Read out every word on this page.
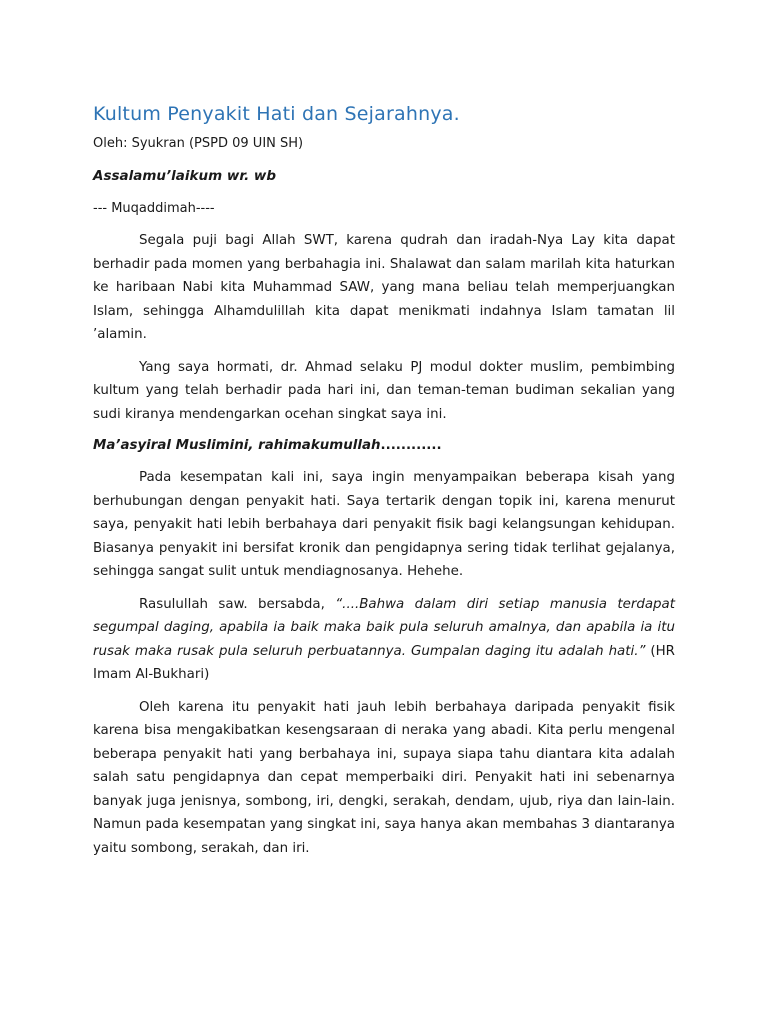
Kultum Penyakit Hati dan Sejarahnya.
Oleh: Syukran (PSPD 09 UIN SH)
Assalamu’laikum wr. wb
--- Muqaddimah----

Segala puji bagi Allah SWT, karena qudrah dan iradah-Nya Lay kita dapat berhadir pada momen yang berbahagia ini. Shalawat dan salam marilah kita haturkan ke haribaan Nabi kita Muhammad SAW, yang mana beliau telah memperjuangkan Islam, sehingga Alhamdulillah kita dapat menikmati indahnya Islam tamatan lil ’alamin.

Yang saya hormati, dr. Ahmad selaku PJ modul dokter muslim, pembimbing kultum yang telah berhadir pada hari ini, dan teman-teman budiman sekalian yang sudi kiranya mendengarkan ocehan singkat saya ini.

Ma’asyiral Muslimini, rahimakumullah............

Pada kesempatan kali ini, saya ingin menyampaikan beberapa kisah yang berhubungan dengan penyakit hati. Saya tertarik dengan topik ini, karena menurut saya, penyakit hati lebih berbahaya dari penyakit fisik bagi kelangsungan kehidupan. Biasanya penyakit ini bersifat kronik dan pengidapnya sering tidak terlihat gejalanya, sehingga sangat sulit untuk mendiagnosanya. Hehehe.

Rasulullah saw. bersabda, “....Bahwa dalam diri setiap manusia terdapat segumpal daging, apabila ia baik maka baik pula seluruh amalnya, dan apabila ia itu rusak maka rusak pula seluruh perbuatannya. Gumpalan daging itu adalah hati.” (HR Imam Al-Bukhari)

Oleh karena itu penyakit hati jauh lebih berbahaya daripada penyakit fisik karena bisa mengakibatkan kesengsaraan di neraka yang abadi. Kita perlu mengenal beberapa penyakit hati yang berbahaya ini, supaya siapa tahu diantara kita adalah salah satu pengidapnya dan cepat memperbaiki diri. Penyakit hati ini sebenarnya banyak juga jenisnya, sombong, iri, dengki, serakah, dendam, ujub, riya dan lain-lain. Namun pada kesempatan yang singkat ini, saya hanya akan membahas 3 diantaranya yaitu sombong, serakah, dan iri.
